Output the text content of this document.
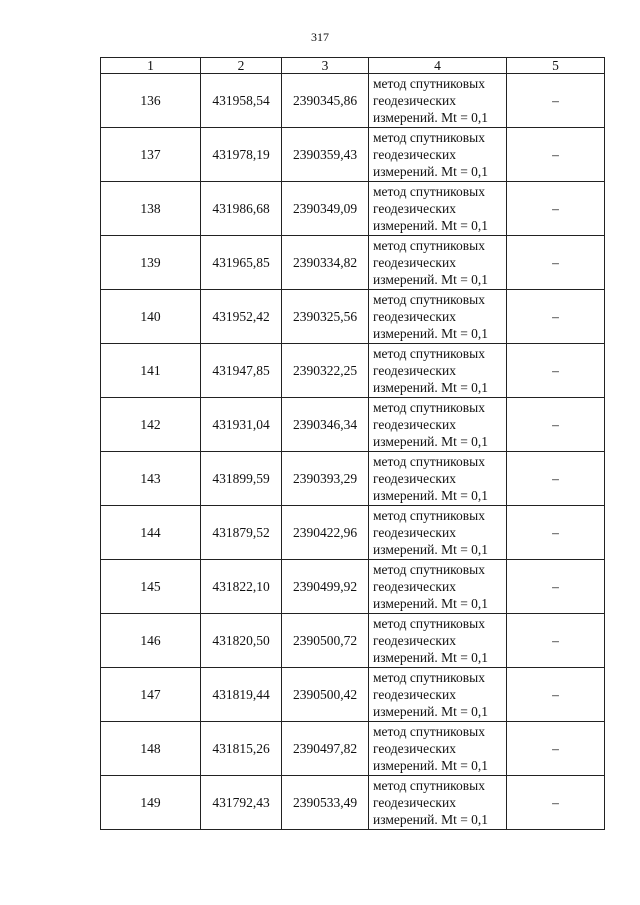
317
1	2	3	4	5
136	431958,54	2390345,86	метод спутниковых геодезических измерений. Mt = 0,1	–
137	431978,19	2390359,43	метод спутниковых геодезических измерений. Mt = 0,1	–
138	431986,68	2390349,09	метод спутниковых геодезических измерений. Mt = 0,1	–
139	431965,85	2390334,82	метод спутниковых геодезических измерений. Mt = 0,1	–
140	431952,42	2390325,56	метод спутниковых геодезических измерений. Mt = 0,1	–
141	431947,85	2390322,25	метод спутниковых геодезических измерений. Mt = 0,1	–
142	431931,04	2390346,34	метод спутниковых геодезических измерений. Mt = 0,1	–
143	431899,59	2390393,29	метод спутниковых геодезических измерений. Mt = 0,1	–
144	431879,52	2390422,96	метод спутниковых геодезических измерений. Mt = 0,1	–
145	431822,10	2390499,92	метод спутниковых геодезических измерений. Mt = 0,1	–
146	431820,50	2390500,72	метод спутниковых геодезических измерений. Mt = 0,1	–
147	431819,44	2390500,42	метод спутниковых геодезических измерений. Mt = 0,1	–
148	431815,26	2390497,82	метод спутниковых геодезических измерений. Mt = 0,1	–
149	431792,43	2390533,49	метод спутниковых геодезических измерений. Mt = 0,1	–
